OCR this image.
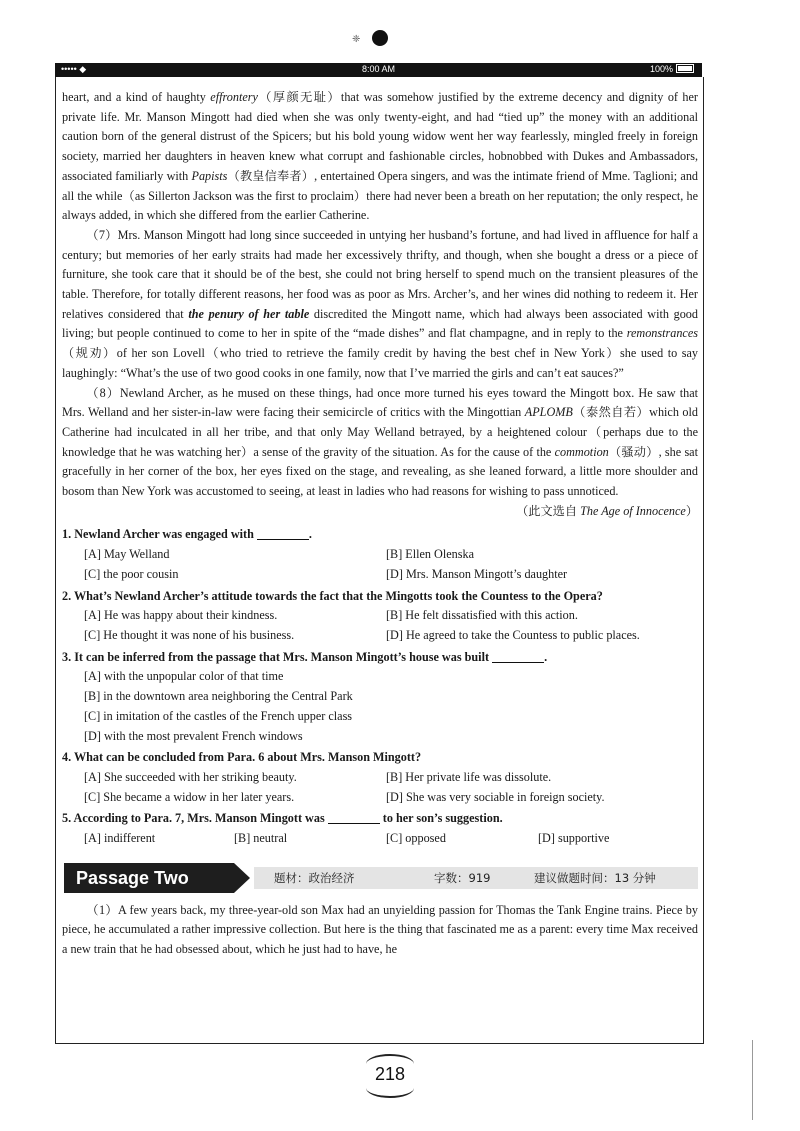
❈
••••• ◆	8:00 AM	100%

heart, and a kind of haughty effrontery（厚颜无耻）that was somehow justified by the extreme decency and dignity of her private life. Mr. Manson Mingott had died when she was only twenty-eight, and had “tied up” the money with an additional caution born of the general distrust of the Spicers; but his bold young widow went her way fearlessly, mingled freely in foreign society, married her daughters in heaven knew what corrupt and fashionable circles, hobnobbed with Dukes and Ambassadors, associated familiarly with Papists（教皇信奉者）, entertained Opera singers, and was the intimate friend of Mme. Taglioni; and all the while（as Sillerton Jackson was the first to proclaim）there had never been a breath on her reputation; the only respect, he always added, in which she differed from the earlier Catherine.

（7）Mrs. Manson Mingott had long since succeeded in untying her husband’s fortune, and had lived in affluence for half a century; but memories of her early straits had made her excessively thrifty, and though, when she bought a dress or a piece of furniture, she took care that it should be of the best, she could not bring herself to spend much on the transient pleasures of the table. Therefore, for totally different reasons, her food was as poor as Mrs. Archer’s, and her wines did nothing to redeem it. Her relatives considered that the penury of her table discredited the Mingott name, which had always been associated with good living; but people continued to come to her in spite of the “made dishes” and flat champagne, and in reply to the remonstrances（规劝）of her son Lovell（who tried to retrieve the family credit by having the best chef in New York）she used to say laughingly: “What’s the use of two good cooks in one family, now that I’ve married the girls and can’t eat sauces?”

（8）Newland Archer, as he mused on these things, had once more turned his eyes toward the Mingott box. He saw that Mrs. Welland and her sister-in-law were facing their semicircle of critics with the Mingottian APLOMB（泰然自若）which old Catherine had inculcated in all her tribe, and that only May Welland betrayed, by a heightened colour（perhaps due to the knowledge that he was watching her）a sense of the gravity of the situation. As for the cause of the commotion（骚动）, she sat gracefully in her corner of the box, her eyes fixed on the stage, and revealing, as she leaned forward, a little more shoulder and bosom than New York was accustomed to seeing, at least in ladies who had reasons for wishing to pass unnoticed.

（此文选自 The Age of Innocence）

1. Newland Archer was engaged with	.
[A] May Welland	[B] Ellen Olenska
[C] the poor cousin	[D] Mrs. Manson Mingott’s daughter
2. What’s Newland Archer’s attitude towards the fact that the Mingotts took the Countess to the Opera?
[A] He was happy about their kindness.	[B] He felt dissatisfied with this action.
[C] He thought it was none of his business.	[D] He agreed to take the Countess to public places.
3. It can be inferred from the passage that Mrs. Manson Mingott’s house was built	.
[A] with the unpopular color of that time
[B] in the downtown area neighboring the Central Park
[C] in imitation of the castles of the French upper class
[D] with the most prevalent French windows
4. What can be concluded from Para. 6 about Mrs. Manson Mingott?
[A] She succeeded with her striking beauty.	[B] Her private life was dissolute.
[C] She became a widow in her later years.	[D] She was very sociable in foreign society.
5. According to Para. 7, Mrs. Manson Mingott was	to her son’s suggestion.
[A] indifferent	[B] neutral	[C] opposed	[D] supportive
Passage Two	题材：政治经济	字数：919	建议做题时间：13 分钟

（1）A few years back, my three-year-old son Max had an unyielding passion for Thomas the Tank Engine trains. Piece by piece, he accumulated a rather impressive collection. But here is the thing that fascinated me as a parent: every time Max received a new train that he had obsessed about, which he just had to have, he

218
